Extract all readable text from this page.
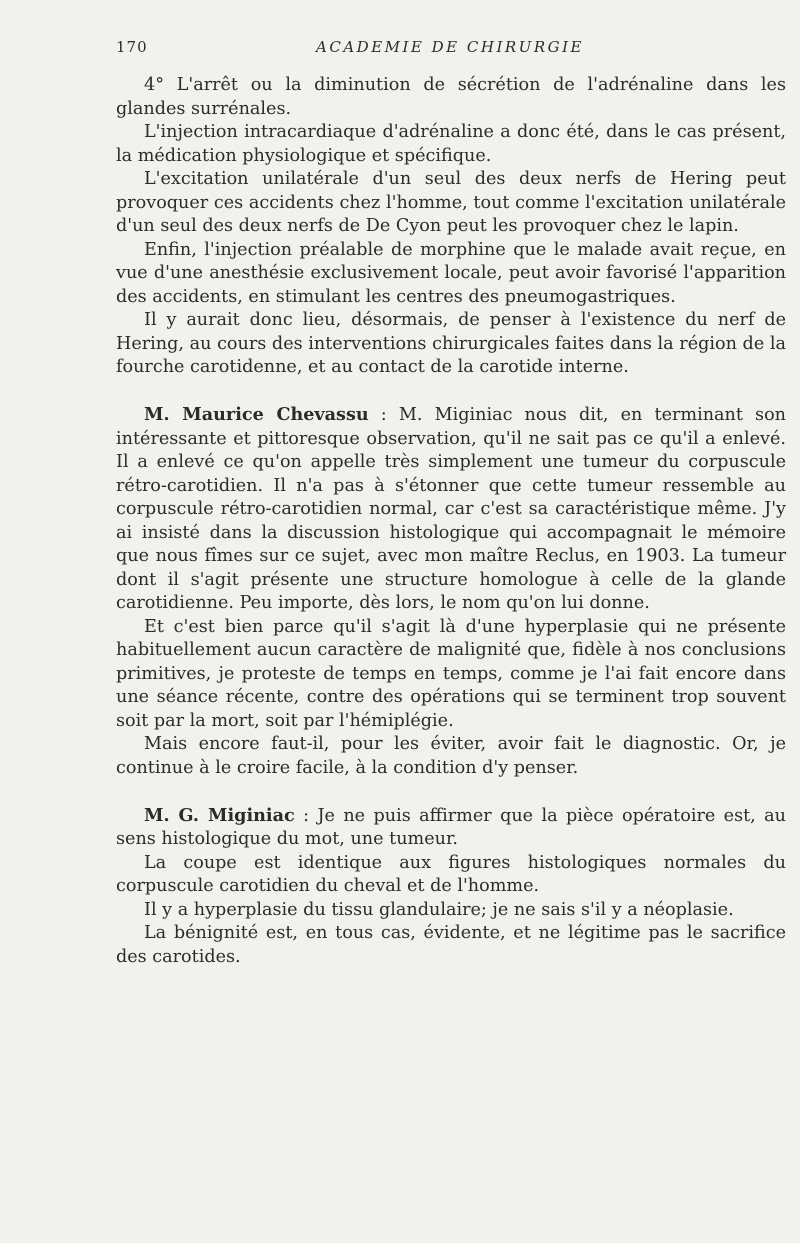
170	ACADEMIE DE CHIRURGIE

4° L'arrêt ou la diminution de sécrétion de l'adrénaline dans les glandes surrénales.

L'injection intracardiaque d'adrénaline a donc été, dans le cas présent, la médication physiologique et spécifique.

L'excitation unilatérale d'un seul des deux nerfs de Hering peut provoquer ces accidents chez l'homme, tout comme l'excitation unilatérale d'un seul des deux nerfs de De Cyon peut les provoquer chez le lapin.

Enfin, l'injection préalable de morphine que le malade avait reçue, en vue d'une anesthésie exclusivement locale, peut avoir favorisé l'apparition des accidents, en stimulant les centres des pneumogastriques.

Il y aurait donc lieu, désormais, de penser à l'existence du nerf de Hering, au cours des interventions chirurgicales faites dans la région de la fourche carotidenne, et au contact de la carotide interne.

M. Maurice Chevassu : M. Miginiac nous dit, en terminant son intéressante et pittoresque observation, qu'il ne sait pas ce qu'il a enlevé. Il a enlevé ce qu'on appelle très simplement une tumeur du corpuscule rétro-carotidien. Il n'a pas à s'étonner que cette tumeur ressemble au corpuscule rétro-carotidien normal, car c'est sa caractéristique même. J'y ai insisté dans la discussion histologique qui accompagnait le mémoire que nous fîmes sur ce sujet, avec mon maître Reclus, en 1903. La tumeur dont il s'agit présente une structure homologue à celle de la glande carotidienne. Peu importe, dès lors, le nom qu'on lui donne.

Et c'est bien parce qu'il s'agit là d'une hyperplasie qui ne présente habituellement aucun caractère de malignité que, fidèle à nos conclusions primitives, je proteste de temps en temps, comme je l'ai fait encore dans une séance récente, contre des opérations qui se terminent trop souvent soit par la mort, soit par l'hémiplégie.

Mais encore faut-il, pour les éviter, avoir fait le diagnostic. Or, je continue à le croire facile, à la condition d'y penser.

M. G. Miginiac : Je ne puis affirmer que la pièce opératoire est, au sens histologique du mot, une tumeur.

La coupe est identique aux figures histologiques normales du corpuscule carotidien du cheval et de l'homme.

Il y a hyperplasie du tissu glandulaire; je ne sais s'il y a néoplasie.

La bénignité est, en tous cas, évidente, et ne légitime pas le sacrifice des carotides.
